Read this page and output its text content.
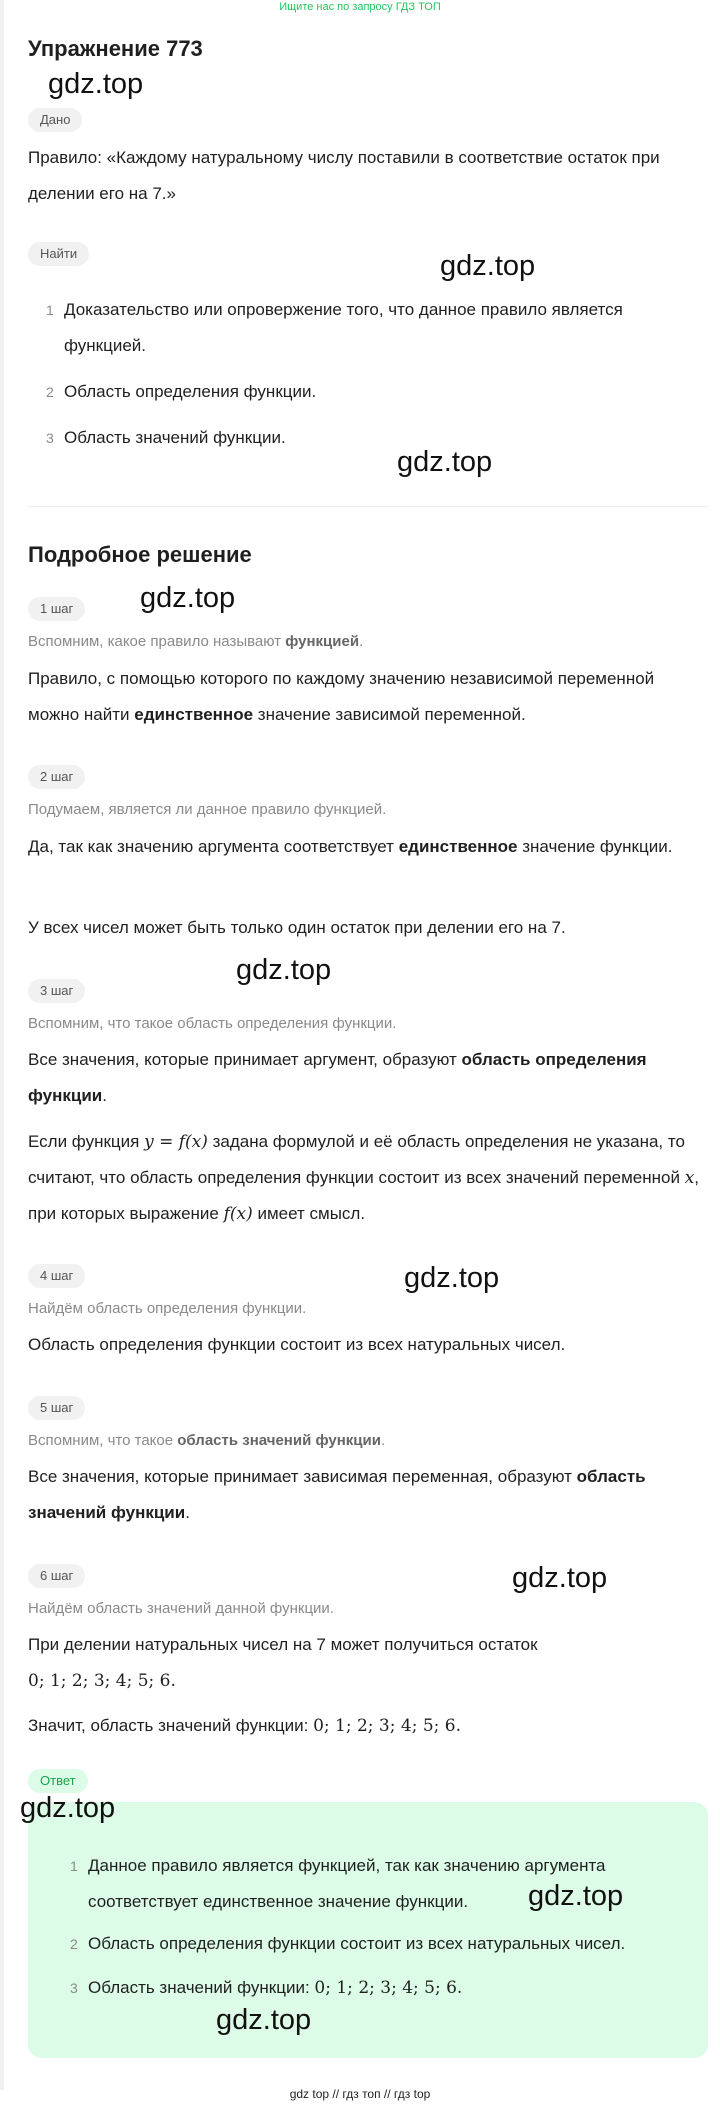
Ищите нас по запросу ГДЗ ТОП
Упражнение 773
Дано
Правило: «Каждому натуральному числу поставили в соответствие остаток при делении его на 7.»
Найти
1 Доказательство или опровержение того, что данное правило является функцией.
2 Область определения функции.
3 Область значений функции.
Подробное решение
1 шаг
Вспомним, какое правило называют функцией.
Правило, с помощью которого по каждому значению независимой переменной можно найти единственное значение зависимой переменной.
2 шаг
Подумаем, является ли данное правило функцией.
Да, так как значению аргумента соответствует единственное значение функции.
У всех чисел может быть только один остаток при делении его на 7.
3 шаг
Вспомним, что такое область определения функции.
Все значения, которые принимает аргумент, образуют область определения функции.
Если функция y = f(x) задана формулой и её область определения не указана, то считают, что область определения функции состоит из всех значений переменной x, при которых выражение f(x) имеет смысл.
4 шаг
Найдём область определения функции.
Область определения функции состоит из всех натуральных чисел.
5 шаг
Вспомним, что такое область значений функции.
Все значения, которые принимает зависимая переменная, образуют область значений функции.
6 шаг
Найдём область значений данной функции.
При делении натуральных чисел на 7 может получиться остаток
0; 1; 2; 3; 4; 5; 6.
Значит, область значений функции: 0; 1; 2; 3; 4; 5; 6.
Ответ
1 Данное правило является функцией, так как значению аргумента соответствует единственное значение функции.
2 Область определения функции состоит из всех натуральных чисел.
3 Область значений функции: 0; 1; 2; 3; 4; 5; 6.
gdz.top
gdz.top
gdz.top
gdz.top
gdz.top
gdz.top
gdz.top
gdz.top
gdz.top
gdz.top
gdz top // гдз топ // гдз top
